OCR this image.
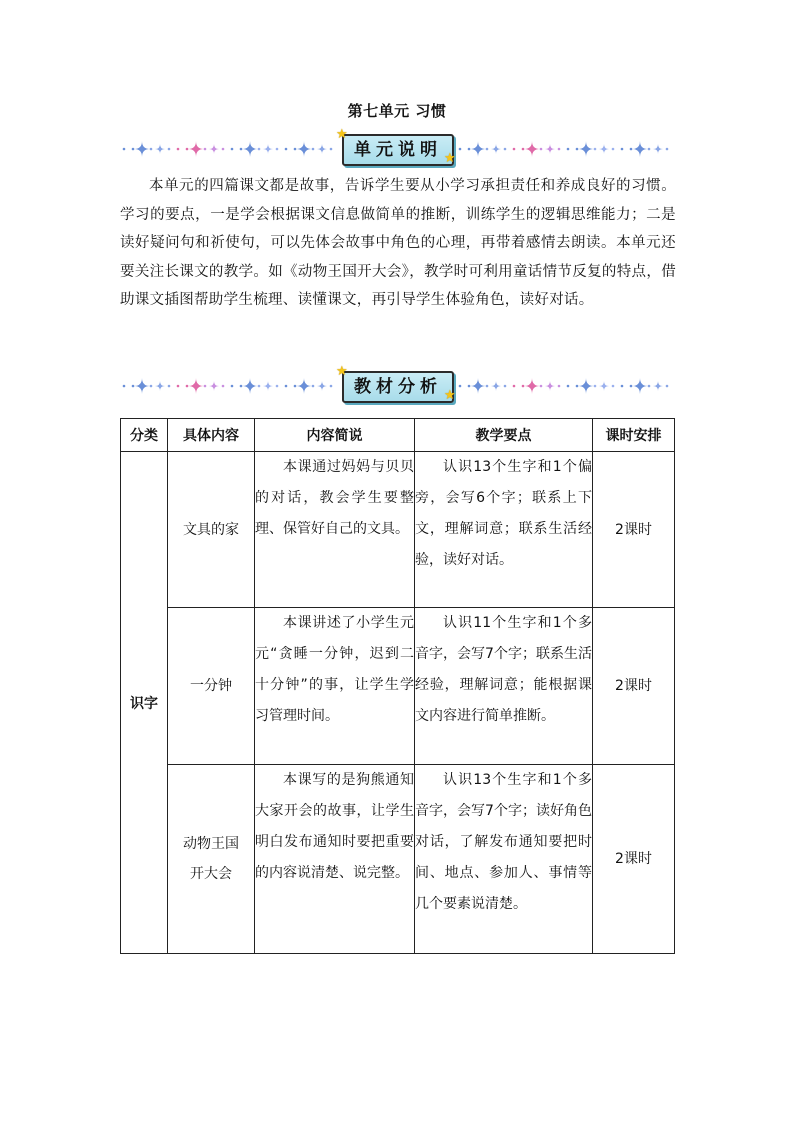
第七单元 习惯
单元说明
★
★

本单元的四篇课文都是故事，告诉学生要从小学习承担责任和养成良好的习惯。学习的要点，一是学会根据课文信息做简单的推断，训练学生的逻辑思维能力；二是读好疑问句和祈使句，可以先体会故事中角色的心理，再带着感情去朗读。本单元还要关注长课文的教学。如《动物王国开大会》，教学时可利用童话情节反复的特点，借助课文插图帮助学生梳理、读懂课文，再引导学生体验角色，读好对话。

教材分析
★
★
分类	具体内容	内容简说	教学要点	课时安排
识字	文具的家	本课通过妈妈与贝贝的对话，教会学生要整理、保管好自己的文具。	认识13个生字和1个偏旁，会写6个字；联系上下文，理解词意；联系生活经验，读好对话。	2课时
	一分钟	本课讲述了小学生元元“贪睡一分钟，迟到二十分钟”的事，让学生学习管理时间。	认识11个生字和1个多音字，会写7个字；联系生活经验，理解词意；能根据课文内容进行简单推断。	2课时
	动物王国开大会	本课写的是狗熊通知大家开会的故事，让学生明白发布通知时要把重要的内容说清楚、说完整。	认识13个生字和1个多音字，会写7个字；读好角色对话，了解发布通知要把时间、地点、参加人、事情等几个要素说清楚。	2课时
